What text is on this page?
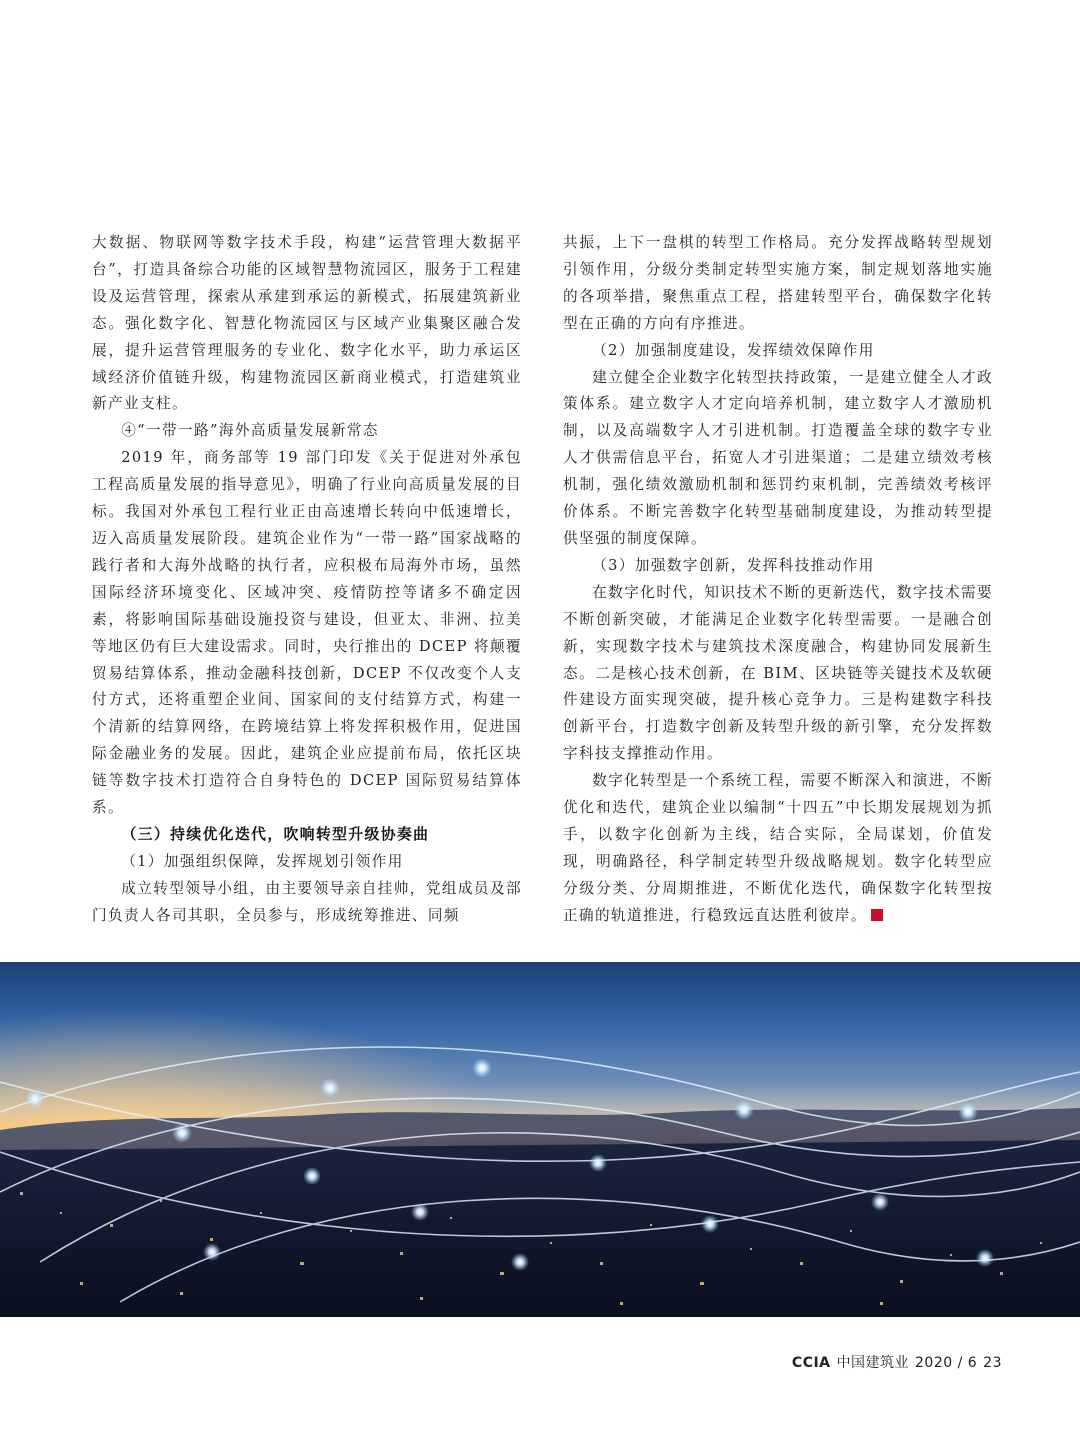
大数据、物联网等数字技术手段，构建“运营管理大数据平台”，打造具备综合功能的区域智慧物流园区，服务于工程建设及运营管理，探索从承建到承运的新模式，拓展建筑新业态。强化数字化、智慧化物流园区与区域产业集聚区融合发展，提升运营管理服务的专业化、数字化水平，助力承运区域经济价值链升级，构建物流园区新商业模式，打造建筑业新产业支柱。

④“一带一路”海外高质量发展新常态

2019 年，商务部等 19 部门印发《关于促进对外承包工程高质量发展的指导意见》，明确了行业向高质量发展的目标。我国对外承包工程行业正由高速增长转向中低速增长，迈入高质量发展阶段。建筑企业作为“一带一路”国家战略的践行者和大海外战略的执行者，应积极布局海外市场，虽然国际经济环境变化、区域冲突、疫情防控等诸多不确定因素，将影响国际基础设施投资与建设，但亚太、非洲、拉美等地区仍有巨大建设需求。同时，央行推出的 DCEP 将颠覆贸易结算体系，推动金融科技创新，DCEP 不仅改变个人支付方式，还将重塑企业间、国家间的支付结算方式，构建一个清新的结算网络，在跨境结算上将发挥积极作用，促进国际金融业务的发展。因此，建筑企业应提前布局，依托区块链等数字技术打造符合自身特色的 DCEP 国际贸易结算体系。

（三）持续优化迭代，吹响转型升级协奏曲

（1）加强组织保障，发挥规划引领作用

成立转型领导小组，由主要领导亲自挂帅，党组成员及部门负责人各司其职，全员参与，形成统筹推进、同频

共振，上下一盘棋的转型工作格局。充分发挥战略转型规划引领作用，分级分类制定转型实施方案，制定规划落地实施的各项举措，聚焦重点工程，搭建转型平台，确保数字化转型在正确的方向有序推进。

（2）加强制度建设，发挥绩效保障作用

建立健全企业数字化转型扶持政策，一是建立健全人才政策体系。建立数字人才定向培养机制，建立数字人才激励机制，以及高端数字人才引进机制。打造覆盖全球的数字专业人才供需信息平台，拓宽人才引进渠道；二是建立绩效考核机制，强化绩效激励机制和惩罚约束机制，完善绩效考核评价体系。不断完善数字化转型基础制度建设，为推动转型提供坚强的制度保障。

（3）加强数字创新，发挥科技推动作用

在数字化时代，知识技术不断的更新迭代，数字技术需要不断创新突破，才能满足企业数字化转型需要。一是融合创新，实现数字技术与建筑技术深度融合，构建协同发展新生态。二是核心技术创新，在 BIM、区块链等关键技术及软硬件建设方面实现突破，提升核心竞争力。三是构建数字科技创新平台，打造数字创新及转型升级的新引擎，充分发挥数字科技支撑推动作用。

数字化转型是一个系统工程，需要不断深入和演进，不断优化和迭代，建筑企业以编制“十四五”中长期发展规划为抓手，以数字化创新为主线，结合实际，全局谋划，价值发现，明确路径，科学制定转型升级战略规划。数字化转型应分级分类、分周期推进，不断优化迭代，确保数字化转型按正确的轨道推进，行稳致远直达胜利彼岸。

CCIA 中国建筑业 2020 / 6 23
